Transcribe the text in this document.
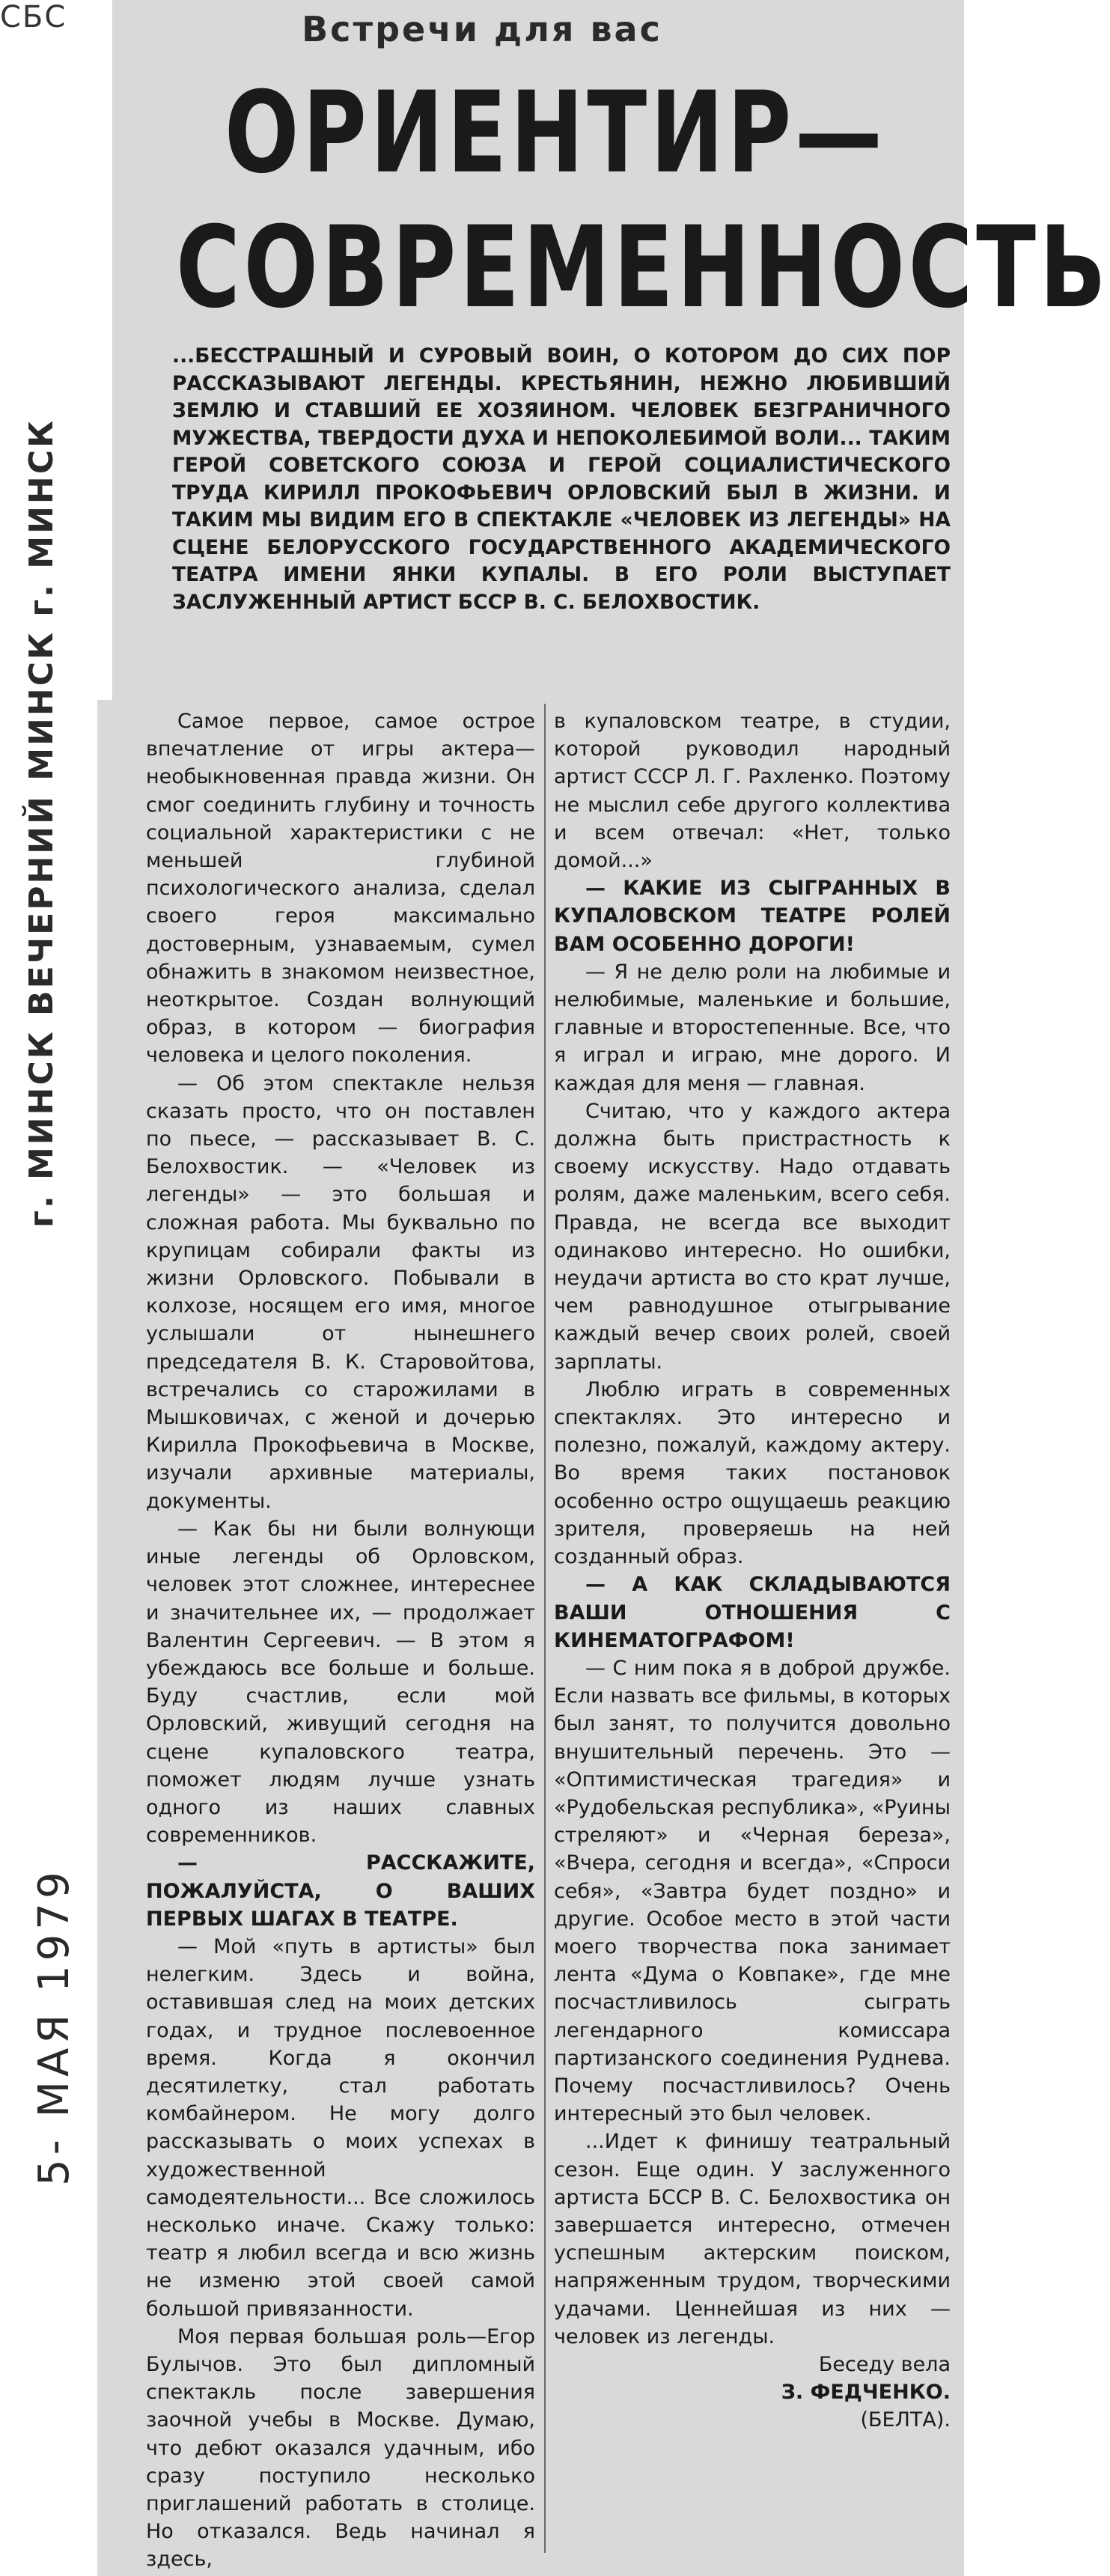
СБС	Встречи для вас
ОРИЕНТИР—
СОВРЕМЕННОСТЬ
...БЕССТРАШНЫЙ И СУРОВЫЙ ВОИН, О КОТОРОМ ДО СИХ ПОР РАССКАЗЫВАЮТ ЛЕГЕНДЫ. КРЕСТЬЯНИН, НЕЖНО ЛЮБИВШИЙ ЗЕМЛЮ И СТАВШИЙ ЕЕ ХОЗЯИНОМ. ЧЕЛОВЕК БЕЗГРАНИЧНОГО МУЖЕСТВА, ТВЕРДОСТИ ДУХА И НЕПОКОЛЕБИМОЙ ВОЛИ... ТАКИМ ГЕРОЙ СОВЕТСКОГО СОЮЗА И ГЕРОЙ СОЦИАЛИСТИЧЕСКОГО ТРУДА КИРИЛЛ ПРОКОФЬЕВИЧ ОРЛОВСКИЙ БЫЛ В ЖИЗНИ. И ТАКИМ МЫ ВИДИМ ЕГО В СПЕКТАКЛЕ «ЧЕЛОВЕК ИЗ ЛЕГЕНДЫ» НА СЦЕНЕ БЕЛОРУССКОГО ГОСУДАРСТВЕННОГО АКАДЕМИЧЕСКОГО ТЕАТРА ИМЕНИ ЯНКИ КУПАЛЫ. В ЕГО РОЛИ ВЫСТУПАЕТ ЗАСЛУЖЕННЫЙ АРТИСТ БССР В. С. БЕЛОХВОСТИК.
г. МИНСК ВЕЧЕРНИЙ МИНСК г. МИНСК
5- МАЯ 1979

Самое первое, самое острое впечатление от игры актера—необыкновенная правда жизни. Он смог соединить глубину и точность социальной характеристики с не меньшей глубиной психологического анализа, сделал своего героя максимально достоверным, узнаваемым, сумел обнажить в знакомом неизвестное, неоткрытое. Создан волнующий образ, в котором — биография человека и целого поколения.

— Об этом спектакле нельзя сказать просто, что он поставлен по пьесе, — рассказывает В. С. Белохвостик. — «Человек из легенды» — это большая и сложная работа. Мы буквально по крупицам собирали факты из жизни Орловского. Побывали в колхозе, носящем его имя, многое услышали от нынешнего председателя В. К. Старовойтова, встречались со старожилами в Мышковичах, с женой и дочерью Кирилла Прокофьевича в Москве, изучали архивные материалы, документы.

— Как бы ни были волнующи иные легенды об Орловском, человек этот сложнее, интереснее и значительнее их, — продолжает Валентин Сергеевич. — В этом я убеждаюсь все больше и больше. Буду счастлив, если мой Орловский, живущий сегодня на сцене купаловского театра, поможет людям лучше узнать одного из наших славных современников.

— РАССКАЖИТЕ, ПОЖАЛУЙСТА, О ВАШИХ ПЕРВЫХ ШАГАХ В ТЕАТРЕ.

— Мой «путь в артисты» был нелегким. Здесь и война, оставившая след на моих детских годах, и трудное послевоенное время. Когда я окончил десятилетку, стал работать комбайнером. Не могу долго рассказывать о моих успехах в художественной самодеятельности... Все сложилось несколько иначе. Скажу только: театр я любил всегда и всю жизнь не изменю этой своей самой большой привязанности.

Моя первая большая роль—Егор Булычов. Это был дипломный спектакль после завершения заочной учебы в Москве. Думаю, что дебют оказался удачным, ибо сразу поступило несколько приглашений работать в столице. Но отказался. Ведь начинал я здесь,

в купаловском театре, в студии, которой руководил народный артист СССР Л. Г. Рахленко. Поэтому не мыслил себе другого коллектива и всем отвечал: «Нет, только домой...»

— КАКИЕ ИЗ СЫГРАННЫХ В КУПАЛОВСКОМ ТЕАТРЕ РОЛЕЙ ВАМ ОСОБЕННО ДОРОГИ!

— Я не делю роли на любимые и нелюбимые, маленькие и большие, главные и второстепенные. Все, что я играл и играю, мне дорого. И каждая для меня — главная.

Считаю, что у каждого актера должна быть пристрастность к своему искусству. Надо отдавать ролям, даже маленьким, всего себя. Правда, не всегда все выходит одинаково интересно. Но ошибки, неудачи артиста во сто крат лучше, чем равнодушное отыгрывание каждый вечер своих ролей, своей зарплаты.

Люблю играть в современных спектаклях. Это интересно и полезно, пожалуй, каждому актеру. Во время таких постановок особенно остро ощущаешь реакцию зрителя, проверяешь на ней созданный образ.

— А КАК СКЛАДЫВАЮТСЯ ВАШИ ОТНОШЕНИЯ С КИНЕМАТОГРАФОМ!

— С ним пока я в доброй дружбе. Если назвать все фильмы, в которых был занят, то получится довольно внушительный перечень. Это — «Оптимистическая трагедия» и «Рудобельская республика», «Руины стреляют» и «Черная береза», «Вчера, сегодня и всегда», «Спроси себя», «Завтра будет поздно» и другие. Особое место в этой части моего творчества пока занимает лента «Дума о Ковпаке», где мне посчастливилось сыграть легендарного комиссара партизанского соединения Руднева. Почему посчастливилось? Очень интересный это был человек.

...Идет к финишу театральный сезон. Еще один. У заслуженного артиста БССР В. С. Белохвостика он завершается интересно, отмечен успешным актерским поиском, напряженным трудом, творческими удачами. Ценнейшая из них — человек из легенды.

Беседу вела

З. ФЕДЧЕНКО.

(БЕЛТА).
